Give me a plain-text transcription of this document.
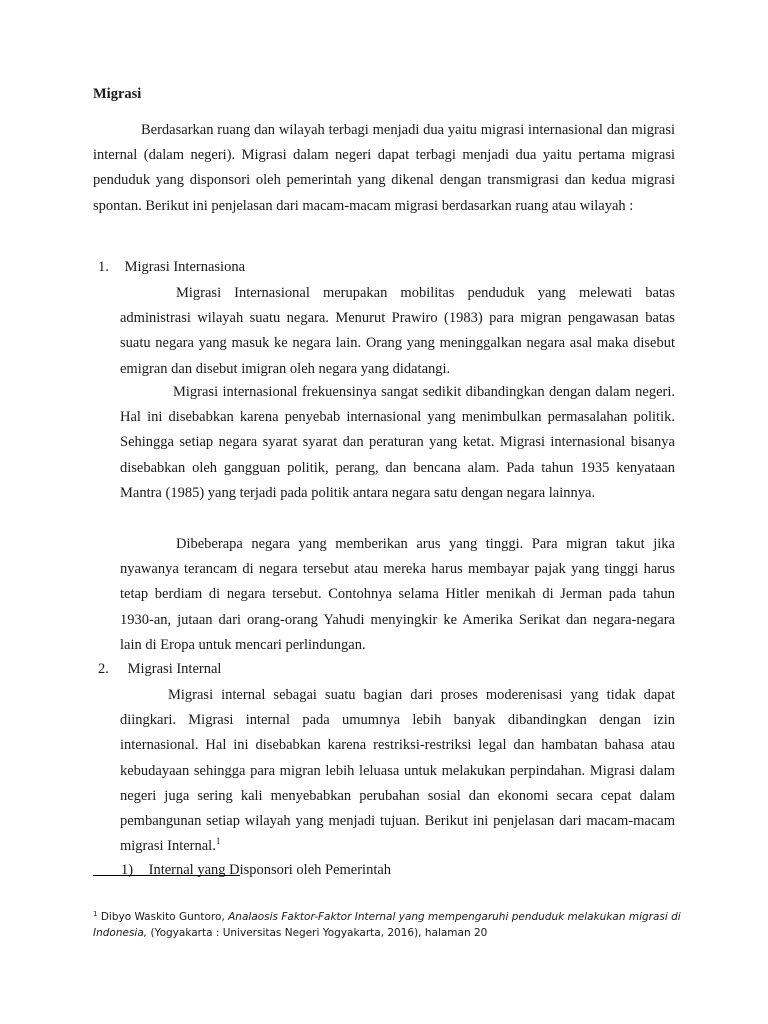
Migrasi

Berdasarkan ruang dan wilayah terbagi menjadi dua yaitu migrasi internasional dan migrasi internal (dalam negeri). Migrasi dalam negeri dapat terbagi menjadi dua yaitu pertama migrasi penduduk yang disponsori oleh pemerintah yang dikenal dengan transmigrasi dan kedua migrasi spontan. Berikut ini penjelasan dari macam-macam migrasi berdasarkan ruang atau wilayah :

1. Migrasi Internasiona

Migrasi Internasional merupakan mobilitas penduduk yang melewati batas administrasi wilayah suatu negara. Menurut Prawiro (1983) para migran pengawasan batas suatu negara yang masuk ke negara lain. Orang yang meninggalkan negara asal maka disebut emigran dan disebut imigran oleh negara yang didatangi.

Migrasi internasional frekuensinya sangat sedikit dibandingkan dengan dalam negeri. Hal ini disebabkan karena penyebab internasional yang menimbulkan permasalahan politik. Sehingga setiap negara syarat syarat dan peraturan yang ketat. Migrasi internasional bisanya disebabkan oleh gangguan politik, perang, dan bencana alam. Pada tahun 1935 kenyataan Mantra (1985) yang terjadi pada politik antara negara satu dengan negara lainnya.

Dibeberapa negara yang memberikan arus yang tinggi. Para migran takut jika nyawanya terancam di negara tersebut atau mereka harus membayar pajak yang tinggi harus tetap berdiam di negara tersebut. Contohnya selama Hitler menikah di Jerman pada tahun 1930-an, jutaan dari orang-orang Yahudi menyingkir ke Amerika Serikat dan negara-negara lain di Eropa untuk mencari perlindungan.

2. Migrasi Internal

Migrasi internal sebagai suatu bagian dari proses moderenisasi yang tidak dapat diingkari. Migrasi internal pada umumnya lebih banyak dibandingkan dengan izin internasional. Hal ini disebabkan karena restriksi-restriksi legal dan hambatan bahasa atau kebudayaan sehingga para migran lebih leluasa untuk melakukan perpindahan. Migrasi dalam negeri juga sering kali menyebabkan perubahan sosial dan ekonomi secara cepat dalam pembangunan setiap wilayah yang menjadi tujuan. Berikut ini penjelasan dari macam-macam migrasi Internal.$^1$

1) Internal yang Disponsori oleh Pemerintah

$^1$ Dibyo Waskito Guntoro, Analaosis Faktor-Faktor Internal yang mempengaruhi penduduk melakukan migrasi di Indonesia, (Yogyakarta : Universitas Negeri Yogyakarta, 2016), halaman 20
